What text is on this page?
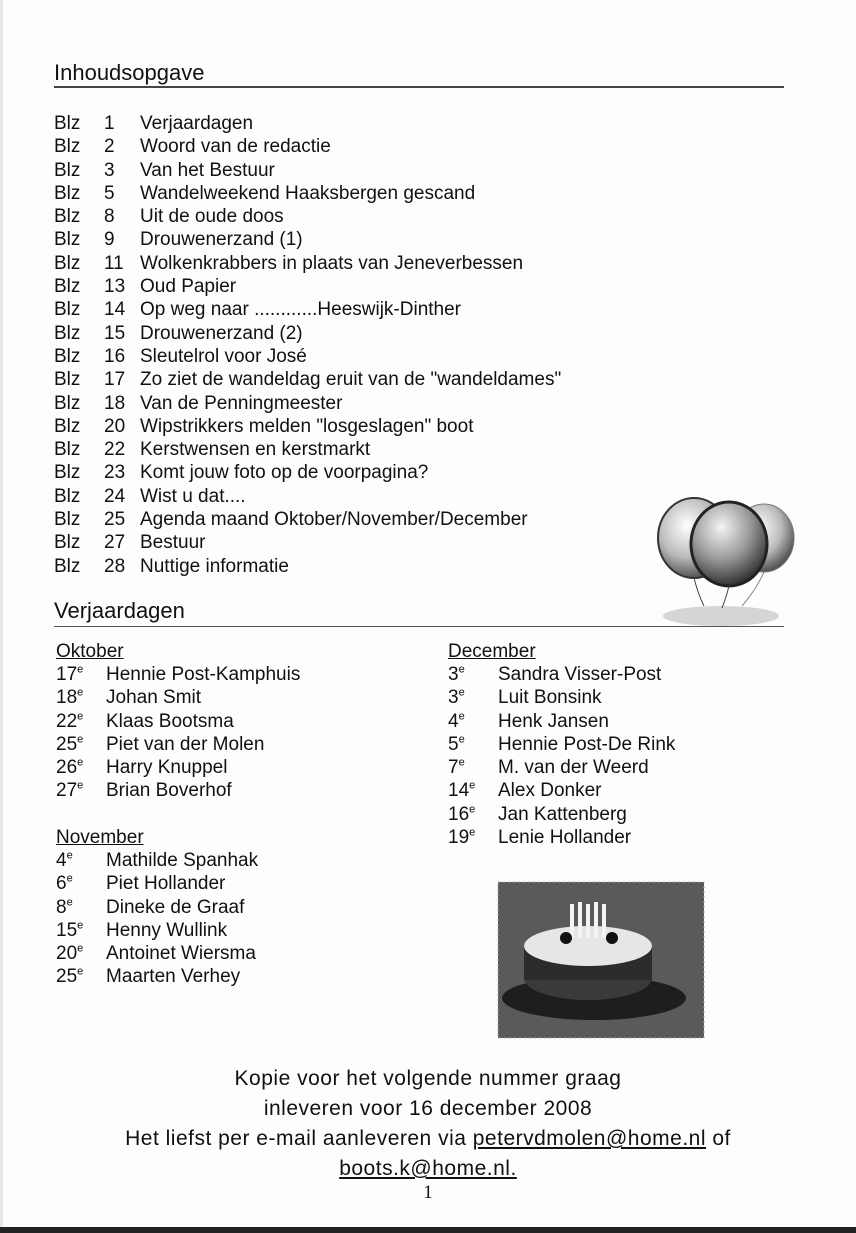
Inhoudsopgave
Blz	1	Verjaardagen
Blz	2	Woord van de redactie
Blz	3	Van het Bestuur
Blz	5	Wandelweekend Haaksbergen gescand
Blz	8	Uit de oude doos
Blz	9	Drouwenerzand (1)
Blz	11 Wolkenkrabbers in plaats van Jeneverbessen
Blz	13 Oud Papier
Blz	14 Op weg naar ............Heeswijk-Dinther
Blz	15 Drouwenerzand (2)
Blz	16 Sleutelrol voor José
Blz	17 Zo ziet de wandeldag eruit van de "wandeldames"
Blz	18 Van de Penningmeester
Blz	20 Wipstrikkers melden "losgeslagen" boot
Blz	22 Kerstwensen en kerstmarkt
Blz	23 Komt jouw foto op de voorpagina?
Blz	24 Wist u dat....
Blz	25 Agenda maand Oktober/November/December
Blz	27 Bestuur
Blz	28 Nuttige informatie
Verjaardagen
Oktober
17e	Hennie Post-Kamphuis
18e	Johan Smit
22e	Klaas Bootsma
25e	Piet van der Molen
26e	Harry Knuppel
27e	Brian Boverhof
November
4e	Mathilde Spanhak
6e	Piet Hollander
8e	Dineke de Graaf
15e	Henny Wullink
20e	Antoinet Wiersma
25e	Maarten Verhey
December
3e	Sandra Visser-Post
3e	Luit Bonsink
4e	Henk Jansen
5e	Hennie Post-De Rink
7e	M. van der Weerd
14e	Alex Donker
16e	Jan Kattenberg
19e	Lenie Hollander
Kopie voor het volgende nummer graag
inleveren voor 16 december 2008
Het liefst per e-mail aanleveren via petervdmolen@home.nl of
boots.k@home.nl.
1
